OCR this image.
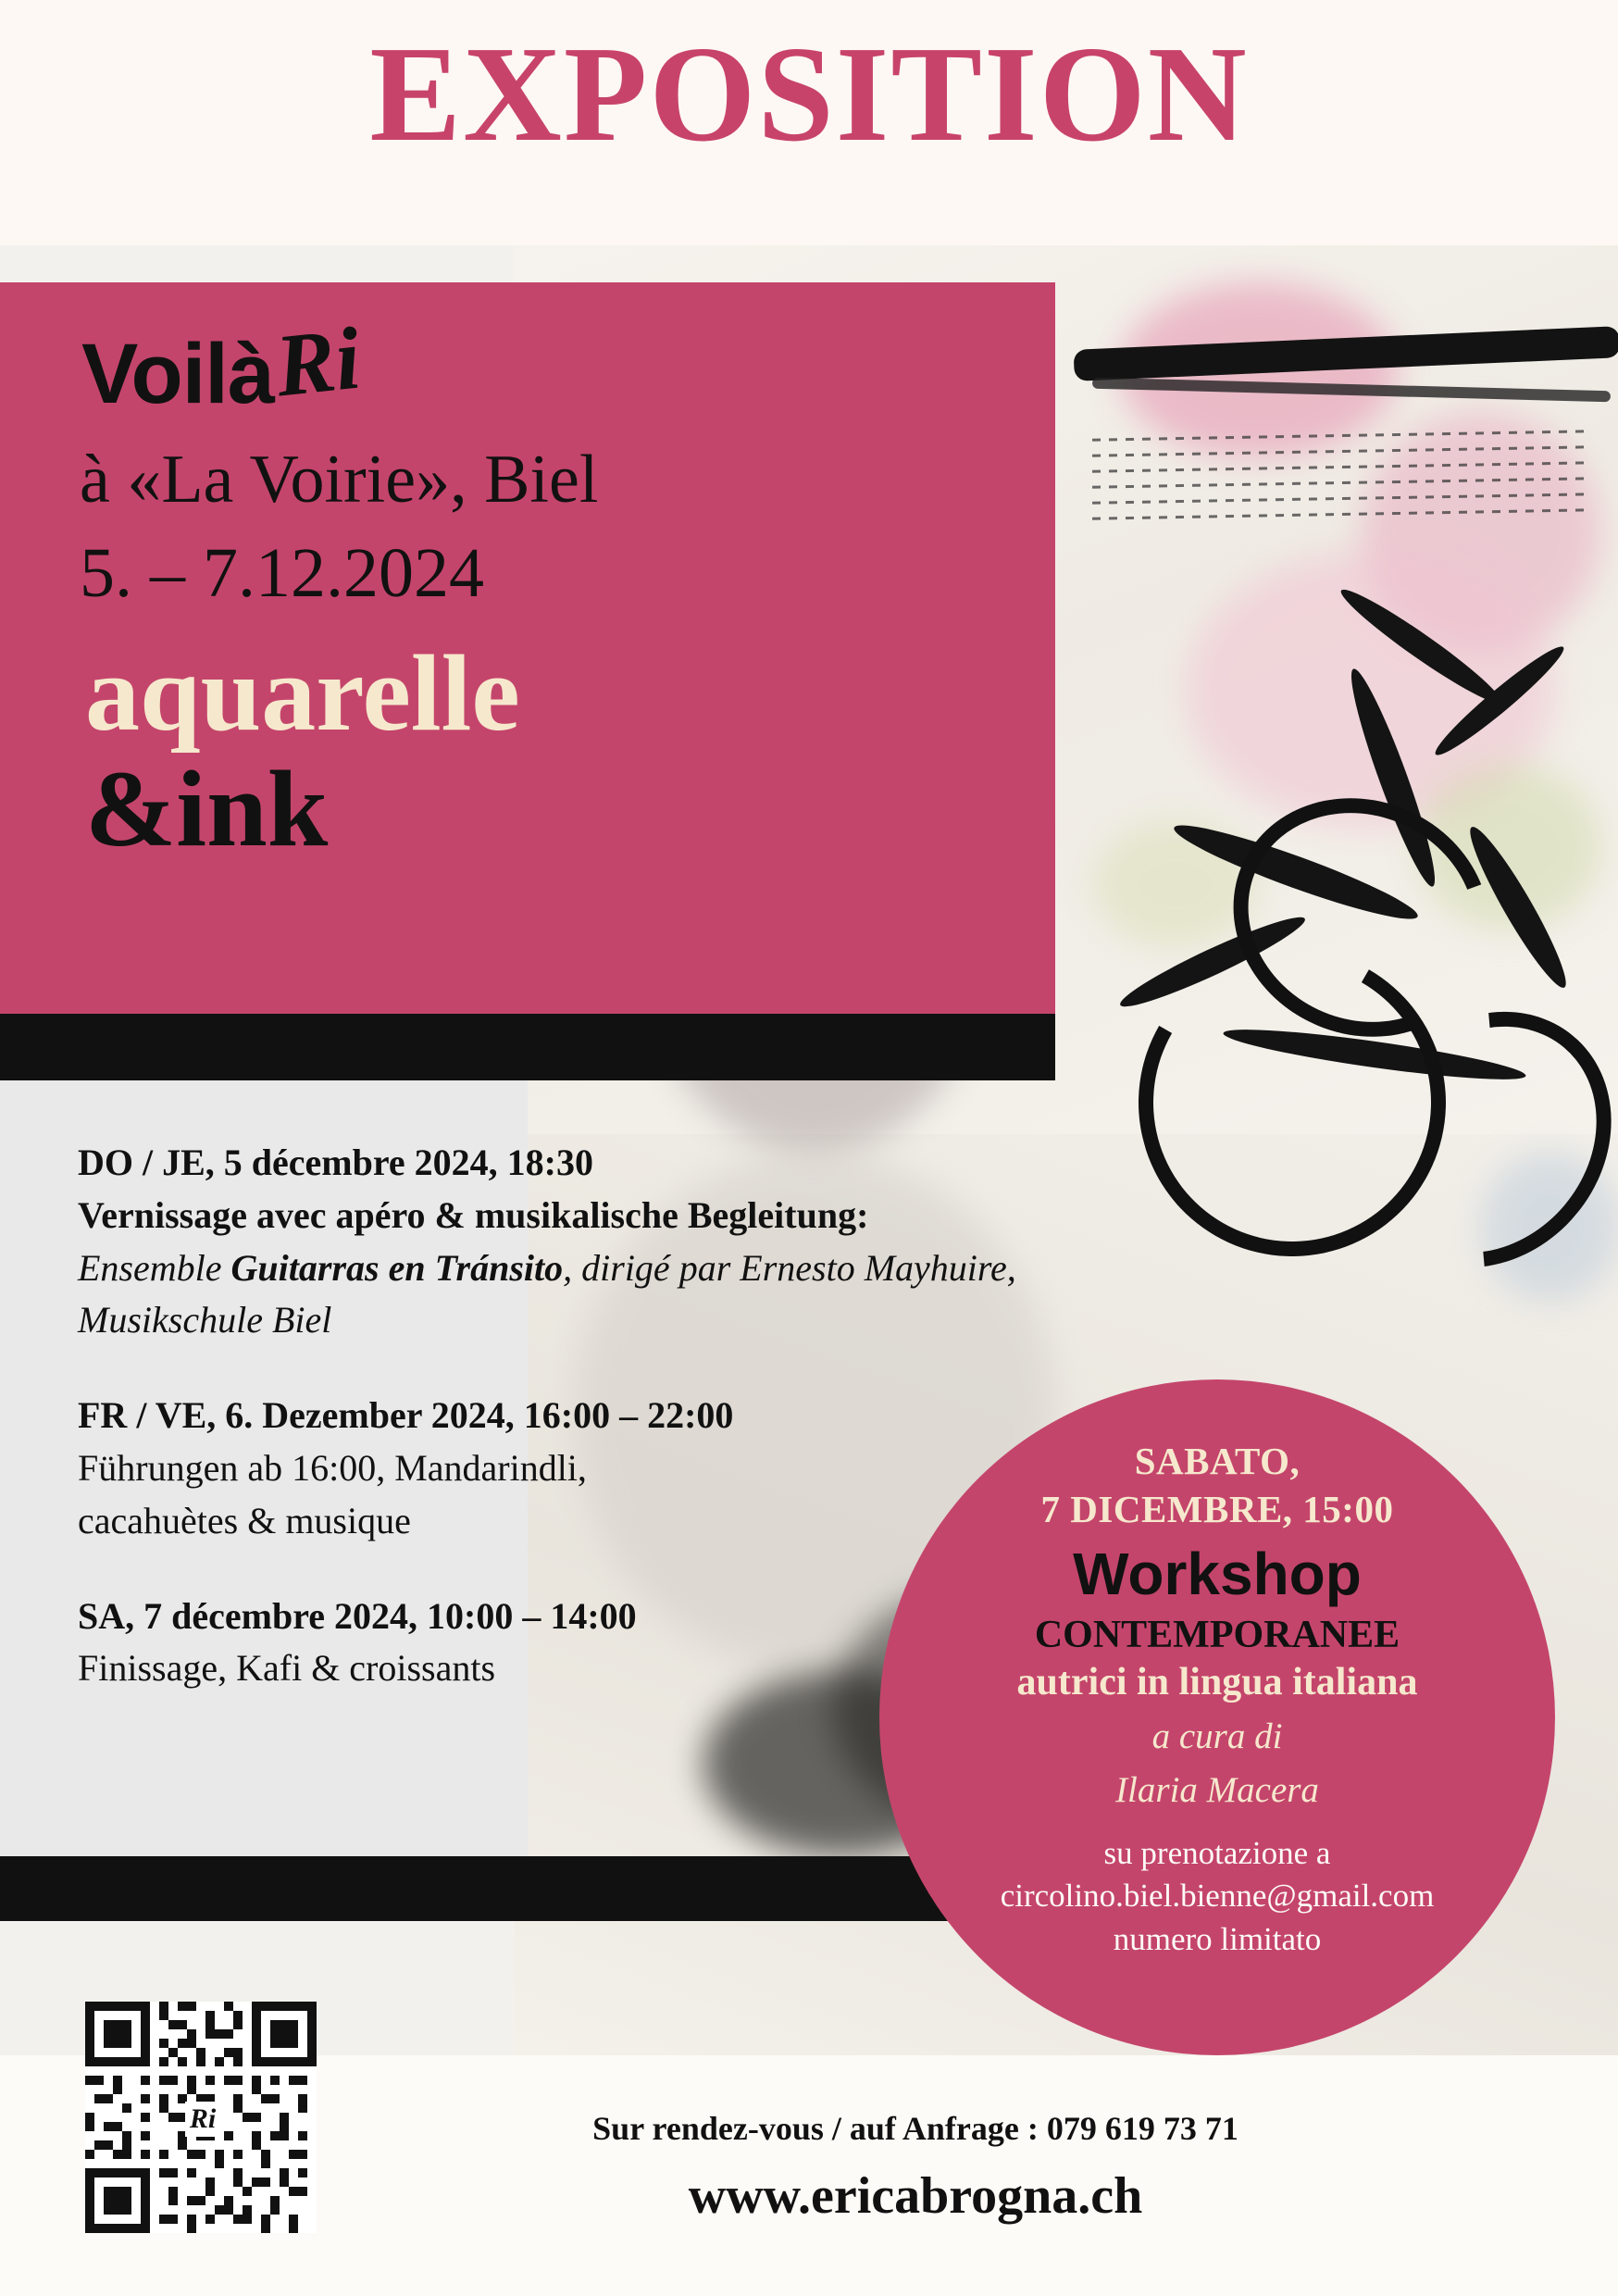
EXPOSITION
VoilàRi
à «La Voirie», Biel
5. – 7.12.2024
aquarelle
&ink
DO / JE, 5 décembre 2024, 18:30
Vernissage avec apéro & musikalische Begleitung:
Ensemble Guitarras en Tránsito, dirigé par Ernesto Mayhuire,
Musikschule Biel
FR / VE, 6. Dezember 2024, 16:00 – 22:00
Führungen ab 16:00, Mandarindli,
cacahuètes & musique
SA, 7 décembre 2024, 10:00 – 14:00
Finissage, Kafi & croissants
SABATO,
7 DICEMBRE, 15:00
Workshop
CONTEMPORANEE
autrici in lingua italiana
a cura di
Ilaria Macera
su prenotazione a
circolino.biel.bienne@gmail.com
numero limitato
Ri	Sur rendez-vous / auf Anfrage : 079 619 73 71
www.ericabrogna.ch
